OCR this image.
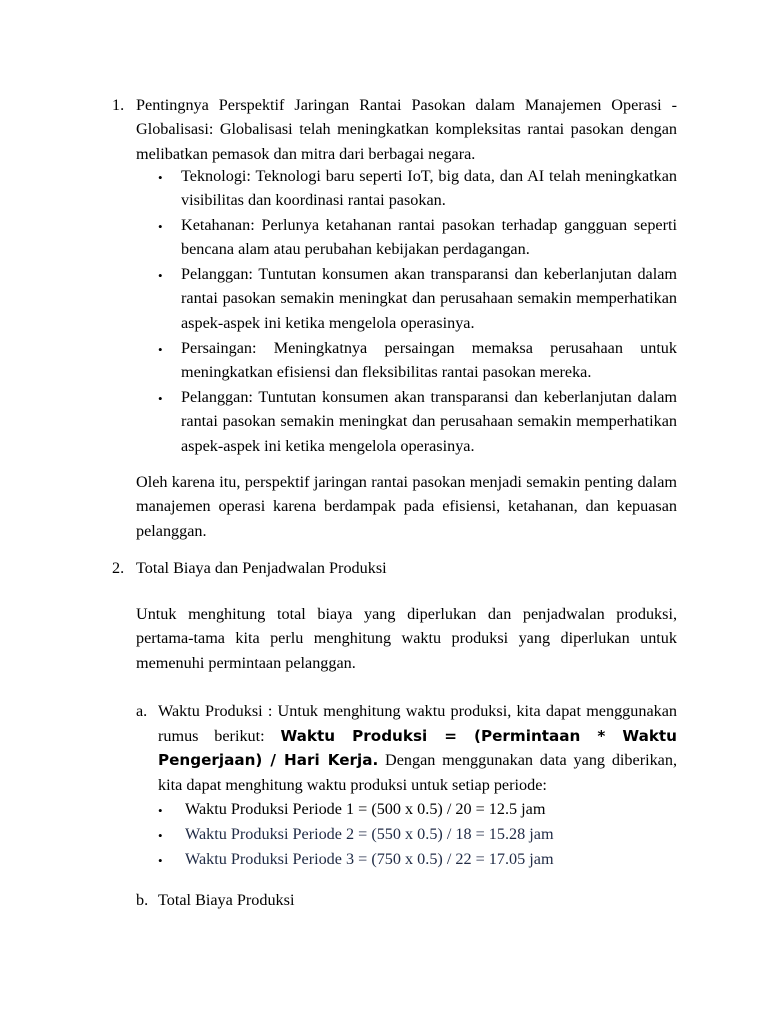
1. Pentingnya Perspektif Jaringan Rantai Pasokan dalam Manajemen Operasi - Globalisasi: Globalisasi telah meningkatkan kompleksitas rantai pasokan dengan melibatkan pemasok dan mitra dari berbagai negara.
• Teknologi: Teknologi baru seperti IoT, big data, dan AI telah meningkatkan visibilitas dan koordinasi rantai pasokan.
• Ketahanan: Perlunya ketahanan rantai pasokan terhadap gangguan seperti bencana alam atau perubahan kebijakan perdagangan.
• Pelanggan: Tuntutan konsumen akan transparansi dan keberlanjutan dalam rantai pasokan semakin meningkat dan perusahaan semakin memperhatikan aspek-aspek ini ketika mengelola operasinya.
• Persaingan: Meningkatnya persaingan memaksa perusahaan untuk meningkatkan efisiensi dan fleksibilitas rantai pasokan mereka.
• Pelanggan: Tuntutan konsumen akan transparansi dan keberlanjutan dalam rantai pasokan semakin meningkat dan perusahaan semakin memperhatikan aspek-aspek ini ketika mengelola operasinya.
Oleh karena itu, perspektif jaringan rantai pasokan menjadi semakin penting dalam manajemen operasi karena berdampak pada efisiensi, ketahanan, dan kepuasan pelanggan.
2. Total Biaya dan Penjadwalan Produksi
Untuk menghitung total biaya yang diperlukan dan penjadwalan produksi, pertama-tama kita perlu menghitung waktu produksi yang diperlukan untuk memenuhi permintaan pelanggan.
a. Waktu Produksi : Untuk menghitung waktu produksi, kita dapat menggunakan rumus berikut: Waktu Produksi = (Permintaan * Waktu Pengerjaan) / Hari Kerja. Dengan menggunakan data yang diberikan, kita dapat menghitung waktu produksi untuk setiap periode:
• Waktu Produksi Periode 1 = (500 x 0.5) / 20 = 12.5 jam
• Waktu Produksi Periode 2 = (550 x 0.5) / 18 = 15.28 jam
• Waktu Produksi Periode 3 = (750 x 0.5) / 22 = 17.05 jam
b. Total Biaya Produksi
